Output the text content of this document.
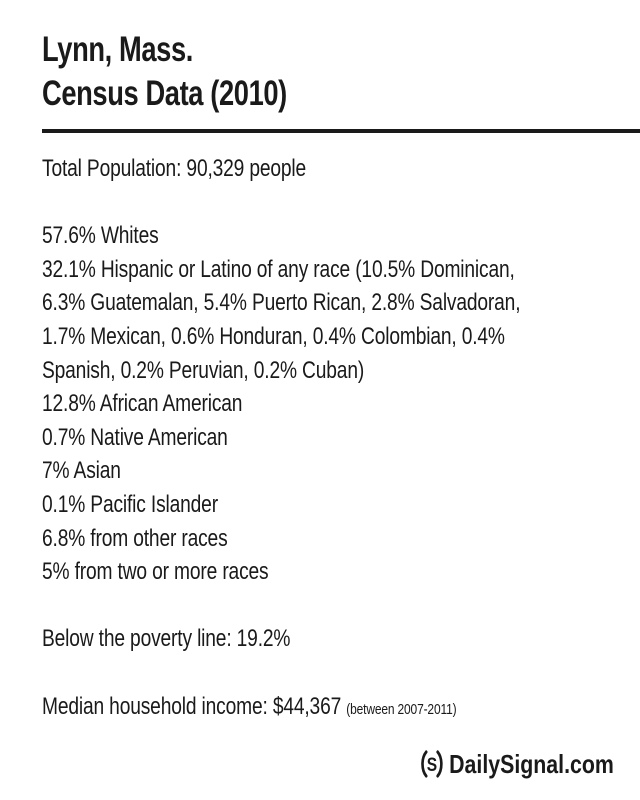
Lynn, Mass.
Census Data (2010)
Total Population: 90,329 people
57.6% Whites
32.1% Hispanic or Latino of any race (10.5% Dominican,
6.3% Guatemalan, 5.4% Puerto Rican, 2.8% Salvadoran,
1.7% Mexican, 0.6% Honduran, 0.4% Colombian, 0.4%
Spanish, 0.2% Peruvian, 0.2% Cuban)
12.8% African American
0.7% Native American
7% Asian
0.1% Pacific Islander
6.8% from other races
5% from two or more races
Below the poverty line: 19.2%
Median household income: $44,367 (between 2007-2011)
S DailySignal.com
